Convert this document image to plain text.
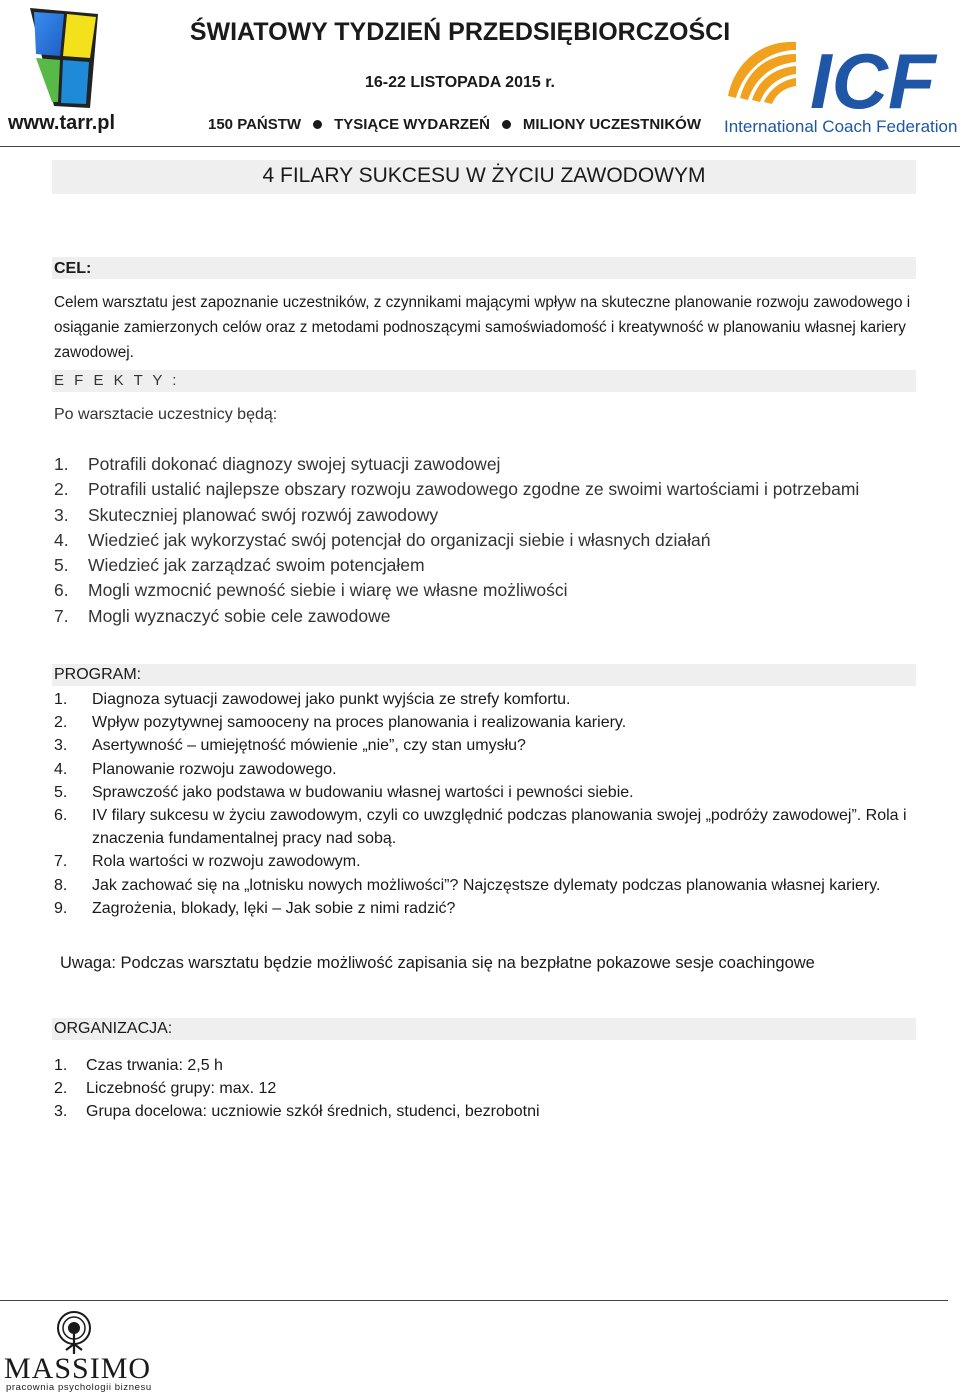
www.tarr.pl
ŚWIATOWY TYDZIEŃ PRZEDSIĘBIORCZOŚCI
16-22 LISTOPADA 2015 r.
150 PAŃSTW TYSIĄCE WYDARZEŃ MILIONY UCZESTNIKÓW ICF
International Coach Federation
4 FILARY SUKCESU W ŻYCIU ZAWODOWYM
CEL:
Celem warsztatu jest zapoznanie uczestników, z czynnikami mającymi wpływ na skuteczne planowanie rozwoju zawodowego i osiąganie zamierzonych celów oraz z metodami podnoszącymi samoświadomość i kreatywność w planowaniu własnej kariery zawodowej.
E F E K T Y :
Po warsztacie uczestnicy będą:
1. Potrafili dokonać diagnozy swojej sytuacji zawodowej
2. Potrafili ustalić najlepsze obszary rozwoju zawodowego zgodne ze swoimi wartościami i potrzebami
3. Skuteczniej planować swój rozwój zawodowy
4. Wiedzieć jak wykorzystać swój potencjał do organizacji siebie i własnych działań
5. Wiedzieć jak zarządzać swoim potencjałem
6. Mogli wzmocnić pewność siebie i wiarę we własne możliwości
7. Mogli wyznaczyć sobie cele zawodowe
PROGRAM:
1. Diagnoza sytuacji zawodowej jako punkt wyjścia ze strefy komfortu.
2. Wpływ pozytywnej samooceny na proces planowania i realizowania kariery.
3. Asertywność – umiejętność mówienie „nie”, czy stan umysłu?
4. Planowanie rozwoju zawodowego.
5. Sprawczość jako podstawa w budowaniu własnej wartości i pewności siebie.
6. IV filary sukcesu w życiu zawodowym, czyli co uwzględnić podczas planowania swojej „podróży zawodowej”. Rola i znaczenia fundamentalnej pracy nad sobą.
7. Rola wartości w rozwoju zawodowym.
8. Jak zachować się na „lotnisku nowych możliwości”? Najczęstsze dylematy podczas planowania własnej kariery.
9. Zagrożenia, blokady, lęki – Jak sobie z nimi radzić?
Uwaga: Podczas warsztatu będzie możliwość zapisania się na bezpłatne pokazowe sesje coachingowe
ORGANIZACJA:
1. Czas trwania: 2,5 h
2. Liczebność grupy: max. 12
3. Grupa docelowa: uczniowie szkół średnich, studenci, bezrobotni
MASSIMO
pracownia psychologii biznesu
